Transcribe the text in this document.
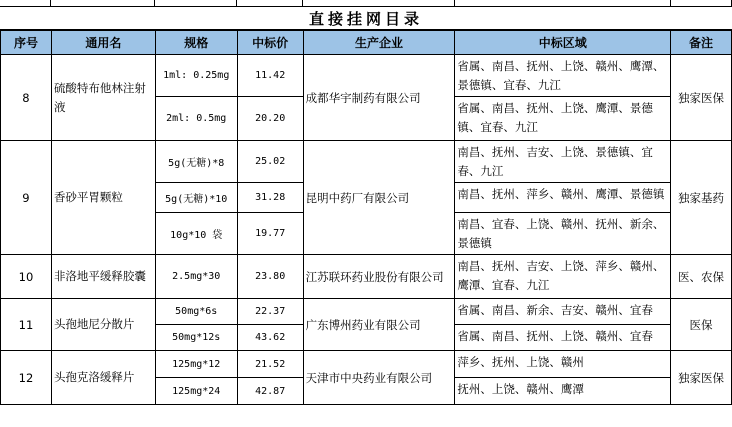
直接挂网目录
序号	通用名	规格	中标价	生产企业	中标区域	备注
8	硫酸特布他林注射液	1ml: 0.25mg	11.42	成都华宇制药有限公司	省属、南昌、抚州、上饶、赣州、鹰潭、景德镇、宜春、九江	独家医保
		2ml: 0.5mg	20.20		省属、南昌、抚州、上饶、鹰潭、景德镇、宜春、九江	
9	香砂平胃颗粒	5g(无糖)*8	25.02	昆明中药厂有限公司	南昌、抚州、吉安、上饶、景德镇、宜春、九江	独家基药
		5g(无糖)*10	31.28		南昌、抚州、萍乡、赣州、鹰潭、景德镇	
		10g*10 袋	19.77		南昌、宜春、上饶、赣州、抚州、新余、景德镇	
10	非洛地平缓释胶囊	2.5mg*30	23.80	江苏联环药业股份有限公司	南昌、抚州、吉安、上饶、萍乡、赣州、鹰潭、宜春、九江	医、农保
11	头孢地尼分散片	50mg*6s	22.37	广东博州药业有限公司	省属、南昌、新余、吉安、赣州、宜春	医保
		50mg*12s	43.62		省属、南昌、抚州、上饶、赣州、宜春	
12	头孢克洛缓释片	125mg*12	21.52	天津市中央药业有限公司	萍乡、抚州、上饶、赣州	独家医保
		125mg*24	42.87		抚州、上饶、赣州、鹰潭	
